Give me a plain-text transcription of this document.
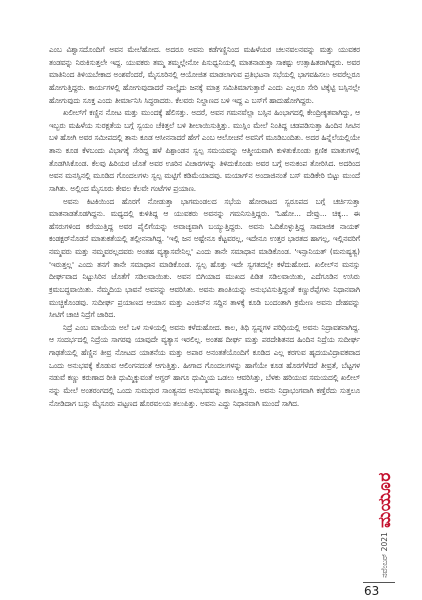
ಎಂಬ ವಿಶ್ವಾಸದೊಂದಿಗೆ ಅವನ ಮೇಲೆಹೋದ. ಅದರೂ ಅವನು ಕಡೆಗಣ್ಣಿನಿಂದ ಮಹಿಳೆಯರ ಚಲನವಲನವನ್ನು ಮತ್ತು ಯುವಕರ ತಂಡವನ್ನು ನಿರುಕಿಸುತ್ತಲೇ ಇದ್ದ. ಯುವಕರು ತಮ್ಮ ತಮ್ಮಲ್ಲೇನೋ ಪಿಸುಧ್ವನಿಯಲ್ಲಿ ಮಾತನಾಡುತ್ತಾ ಸಾಕಷ್ಟು ಉತ್ಸಾಹಿತರಾಗಿದ್ದರು. ಅವರ ಮಾತಿನಿಂದ ತಿಳಿಯಬೇಕಾದ ಅಂಶವೆಂದರೆ, ಮೈಸೂರಿನಲ್ಲಿ ಆಯೋಜಿತ ಮಾಡಲಾಗುವ ಪ್ರತಿಭಟನಾ ಸಭೆಯಲ್ಲಿ ಭಾಗವಹಿಸಲು ಅವರೆಲ್ಲರೂ ಹೋಗುತ್ತಿದ್ದರು. ಕಾರ್ಯಗಳಲ್ಲಿ ಹೋಗುವುದಾದರೆ ನಾಲ್ಕೈದು ಜನಕ್ಕೆ ಮಾತ್ರ ಸಮಿತಿಮಾಗುತ್ತಾರೆ ಎಂದು ಎಲ್ಲರೂ ಸೇರಿ ಟಿಕ್ಕೆಟ್ಟಿ ಬಸ್ಸಿನಲ್ಲೇ ಹೋಗುವುದು ಸೂಕ್ತ ಎಂದು ತೀರ್ಮಾನಿಸಿ ಸಿದ್ಧರಾದರು. ಕೆಲವರು ನಿಲ್ದಾಣದ ಬಳಿ ಇದ್ದ ಎ ಬಸ್‌ಗೆ ಹಾದುಹೋಗಿದ್ದರು.

ಖಲೀಲ್‌ಗೆ ಕಣ್ಣಿನ ನೋಟ ಮತ್ತು ಮುಂದಕ್ಕೆ ಹೆಲಿಸತ್ತು. ಅದರೆ, ಅವನ ಗಮನವೆಲ್ಲಾ ಬಸ್ಸಿನ ಹಿಂಭಾಗದಲ್ಲಿ ಕೇಂದ್ರೀಕೃತವಾಗಿದ್ದು, ಆ ಇಬ್ಬರು ಮಹಿಳೆಯ ಸುರಕ್ಷತೆಯ ಬಗ್ಗೆ ಸ್ವಯಂ ಚೆಕಿತ್ತಲೆ ಬಳಿ ಶೀಲಾಯಿಸುತ್ತಿತ್ತು. ಮುಸ್ಲಿಂ ಮೇಲೆ ನಿಂತಿದ್ದ ಚಡಪಡಿಸುತ್ತಾ ಹಿಂದಿನ ಸೀಟಿನ ಬಳಿ ಹೋಗಿ ಅವರ ಸಮೀಪದಲ್ಲಿ ತಾನು ಕೂಡ ಆಸೀನನಾದರೆ ಹೇಗೆ ಎಂಬ ಆಲೋಚನೆ ಅವನಿಗೆ ಮೂಡಿಬಂದಿತು. ಅದರ ಹಿನ್ನೆಲೆಯಲ್ಲಿಯೇ ತಾನು ಕೂಡ ಕೆಳಬಂದು ವಿಭಾಗಕ್ಕೆ ಸೇರಿದ್ದ ಹಳೆ ಪಿಶ್ಪಾಂಡನ ಸ್ವಲ್ಪ ಸಮಯವನ್ನು ಆತ್ಮೀಯವಾಗಿ ಕುಳಿತುಕೊಂಡು ಕ್ಷಣಿಕ ಮಾತುಗಳಲ್ಲಿ ತೊಡಗಿಸಿಕೊಂಡ. ಕೆಲವು ಹಿರಿಯರ ಜೊತೆ ಅವರ ಊರಿನ ವಿಚಾರಗಳನ್ನು ತಿಳಿದುಕೊಂಡು ಅವರ ಬಗ್ಗೆ ಅನುಕಂಪ ತೋರಿಸಿದ. ಅದರಿಂದ ಅವನ ಮನಸ್ಸಿನಲ್ಲಿ ಮೂಡಿದ ಗೊಂದಲಗಳು ಸ್ವಲ್ಪ ಮಟ್ಟಿಗೆ ಕಡಿಮೆಯಾದವು. ಮಯಾಗ್‌ನ ಅಂದಾಜಿನಂತೆ ಬಸ್ ಮಡಿಕೇರಿ ಬಿಟ್ಟು ಮುಂದೆ ಸಾಗಿತು. ಅಲ್ಲಿಂದ ಮೈಸೂರು ಕೇವಲ ಕೆಲವೇ ಗಂಟೆಗಳ ಪ್ರಯಾಣ.

ಅವನು ಕಿಟಕಿಯಿಂದ ಹೊರಗೆ ನೋಡುತ್ತಾ ಭಾಗಮಂಡಲದ ಸಭೆಯ ಹೋರಾಟದ ಸ್ವರೂಪದ ಬಗ್ಗೆ ಚರ್ಚಿಸುತ್ತಾ ಮಾತನಾಡತೊಡಗಿದ್ದನು. ಮಧ್ಯದಲ್ಲಿ ಕುಳಿತಿದ್ದ ಆ ಯುವಕರು ಅವನನ್ನು ಗಮನಿಸುತ್ತಿದ್ದರು. 'ಓಹೋ... ದೇವ್ರು... ಚಿಕ್ಕ... ಈ ಹೆಸರುಗಳಿಂದ ಕರೆಯುತ್ತಿದ್ದ ಅವರ ಪೈಲಿಗೆಯನ್ನು ಅವಾಚ್ಯವಾಗಿ ಬಯ್ಯುತ್ತಿದ್ದರು. ಅವನು ಓದಿಕೊಳ್ಳುತ್ತಿದ್ದ ಸಾಮಾಜಿಕ ನಾಯಕ್ ಕಂಡಕ್ಟರ್‌ನೊಡನೆ ಮಾತುಕತೆಯಲ್ಲಿ ತಲ್ಲೀನನಾಗಿದ್ದ. 'ಇಲ್ಲಿ ಜನ ಅಷ್ಟೇನೂ ಕೆಟ್ಟವರಲ್ಲ, ಇದೇನೂ ಉತ್ತರ ಭಾರತದ ಹಾಗಲ್ಲ, ಇಲ್ಲಿನವರಿಗೆ ನಮ್ಮವರು ಮತ್ತು ನಮ್ಮವರಲ್ಲದವರು ಅಂತಹ ವ್ಯತ್ಯಾಸವೇನಿಲ್ಲ' ಎಂದು ತಾನೇ ಸಮಾಧಾನ ಮಾಡಿಕೊಂಡ. 'ಇನ್ಸಾನಿಯತ್ (ಮನುಷ್ಯತ್ವ) 'ಇರುತ್ತಲ್ಲ' ಎಂದು ತನಗೆ ತಾನೇ ಸಮಾಧಾನ ಮಾಡಿಕೊಂಡ. ಸ್ವಲ್ಪ ಹೊತ್ತು ಇದೇ ಸ್ವಗತದಲ್ಲೇ ಕಳೆದುಹೋದ. ಖಲೀಲ್‌ನ ಮನಸ್ಸು ದೀರ್ಘವಾದ ನಿಟ್ಟುಸಿರಿನ ಜೊತೆಗೆ ಸಡಿಲವಾಯಿತು. ಅವನ ಬಿಗಿಯಾದ ಮುಖದ ಪಿಡಿತ ಸಡಿಲವಾಯಿತು, ಎದೆಗೂಡಿನ ಉಸಿರು ಕ್ರಮಬದ್ಧವಾಯಿತು. ನೆಮ್ಮದಿಯ ಭಾವನೆ ಅವನನ್ನು ಆವರಿಸಿತು. ಅವನು ಶಾಂತಿಯನ್ನು ಅನುಭವಿಸುತ್ತಿದ್ದಂತೆ ಕಣ್ಣುರೆಪ್ಪೆಗಳು ನಿಧಾನವಾಗಿ ಮುಚ್ಚಿಕೊಂಡವು. ಸುದೀರ್ಘ ಪ್ರಯಾಣದ ಆಯಾಸ ಮತ್ತು ಎಂಜಿನ್‌ನ ಸದ್ದಿನ ತಾಳಕ್ಕೆ ಕೂಡಿ ಬಂದಂತಾಗಿ ಕ್ರಮೇಣ ಅವನು ದೇಹವನ್ನು ಸೀಟಿಗೆ ಚಾಚಿ ನಿದ್ರೆಗೆ ಜಾರಿದ.

ನಿದ್ರೆ ಎಂಬ ಮಾಯೆಯ ಅಲೆ ಒಳ ಸುಳಿಯಲ್ಲಿ ಅವನು ಕಳೆದುಹೋದ. ಕಾಲ, ತಿಥಿ ಸ್ವಪ್ನಗಳ ಪರಿಧಿಯಲ್ಲಿ ಅವನು ನಿದ್ರಾವಶನಾಗಿದ್ದ. ಆ ಸಂದರ್ಭದಲ್ಲಿ ನಿದ್ರೆಯ ಸಾಗರವು ಯಾವುದೇ ವ್ಯತ್ಯಾಸ ಇರಲಿಲ್ಲ. ಅಂತಹ ದೀರ್ಘ ಮತ್ತು ಪರದೇಶಿತನದ ಹಿಂದಿನ ನಿದ್ರೆಯ ಸುದೀರ್ಘ ಗಾಢತೆಯಲ್ಲಿ ಹೆಣ್ಣಿನ ತೀವ್ರ ನೋಟದ ಯಾತನೆಯ ಮತ್ತು ಅಪಾರ ಅನಂತತೆಯೊಂದಿಗೆ ಕೂಡಿದ ಎಲ್ಲ ಕರಗುವ ಹೃದಯವಿದ್ರಾವಕವಾದ ಒಂದು ಅನುಭವಕ್ಕೆ ಕೊಡುವ ಆಲಿಂಗನದಂತೆ ಆಗುತ್ತಿತ್ತು. ಹೀಗಾದ ಗೊಂದಲಗಳನ್ನು ಹಾಗೆಯೇ ಕೂಡ ಹೊರಗೆಳೆದರೆ ತೀವ್ರತೆ, ಬೆಟ್ಟಗಳ ನಡುವೆ ಕಣ್ಣು ಕರುಣಾದ ರೀತಿ ಧುಮ್ಮಿಕ್ಕುವಂತೆ ಅಗ್ದರ್ ಹಾಗೂ ಧುಮ್ಮಿಯ ಒಡಲು ಆವರಿಸಿತ್ತು, ಬೆಳಕು ಹರಿಯುವ ಸಮಯದಲ್ಲಿ ಖಲೀಲ್ ನನ್ನು ಮೇಲೆ ಅಂತರಂಗದಲ್ಲಿ ಒಂದು ಸುಮಧುರ ಸಾಂತ್ವನದ ಅನುಭವವನ್ನು ಕಾಣುತ್ತಿದ್ದನು. ಅವನು ನಿದ್ರಾಭಂಗವಾಗಿ ಕಣ್ತೆರೆದು ಸುತ್ತಲೂ ನೋಡಿದಾಗ ಬಸ್ಸು ಮೈಸೂರು ಪಟ್ಟಣದ ಹೊರವಲಯ ತಲುಪಿತ್ತು. ಅವನು ಎದ್ದು ನಿಧಾನವಾಗಿ ಮುಂದೆ ಸಾಗಿದ.

ಮಯೂರ
ನವೆಂಬರ್ 2021
63
